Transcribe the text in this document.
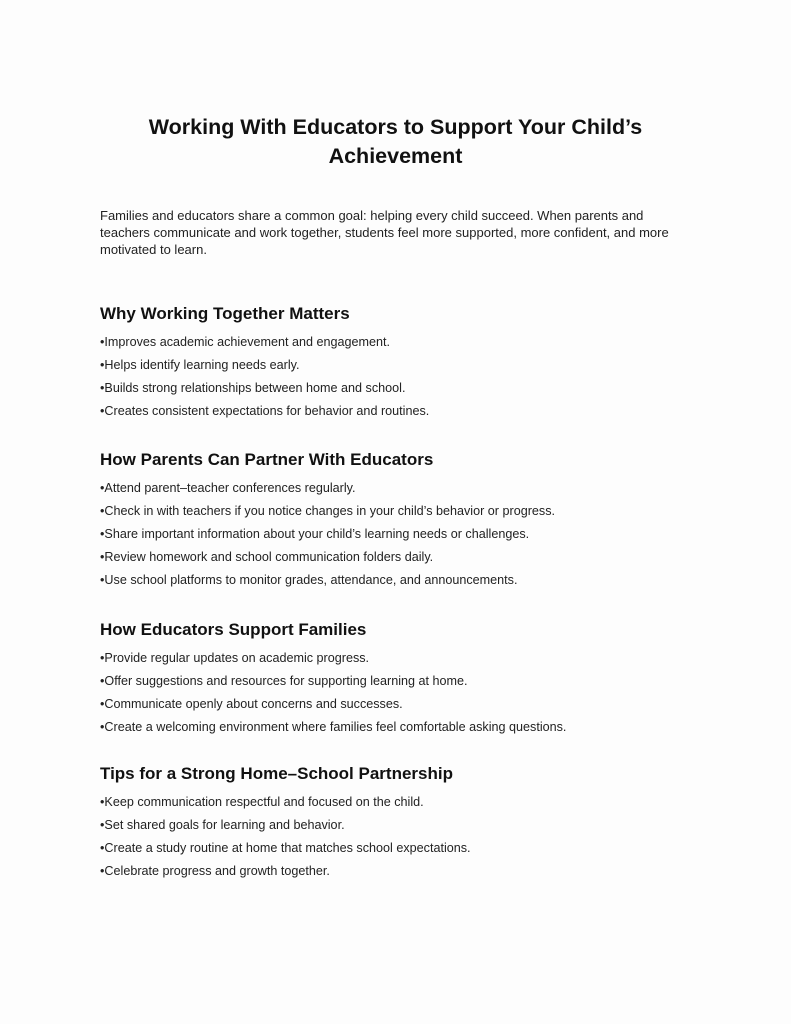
Working With Educators to Support Your Child’s
Achievement

Families and educators share a common goal: helping every child succeed. When parents and teachers communicate and work together, students feel more supported, more confident, and more motivated to learn.

Why Working Together Matters
• Improves academic achievement and engagement.
• Helps identify learning needs early.
• Builds strong relationships between home and school.
• Creates consistent expectations for behavior and routines.
How Parents Can Partner With Educators
• Attend parent–teacher conferences regularly.
• Check in with teachers if you notice changes in your child’s behavior or progress.
• Share important information about your child’s learning needs or challenges.
• Review homework and school communication folders daily.
• Use school platforms to monitor grades, attendance, and announcements.
How Educators Support Families
• Provide regular updates on academic progress.
• Offer suggestions and resources for supporting learning at home.
• Communicate openly about concerns and successes.
• Create a welcoming environment where families feel comfortable asking questions.
Tips for a Strong Home–School Partnership
• Keep communication respectful and focused on the child.
• Set shared goals for learning and behavior.
• Create a study routine at home that matches school expectations.
• Celebrate progress and growth together.
